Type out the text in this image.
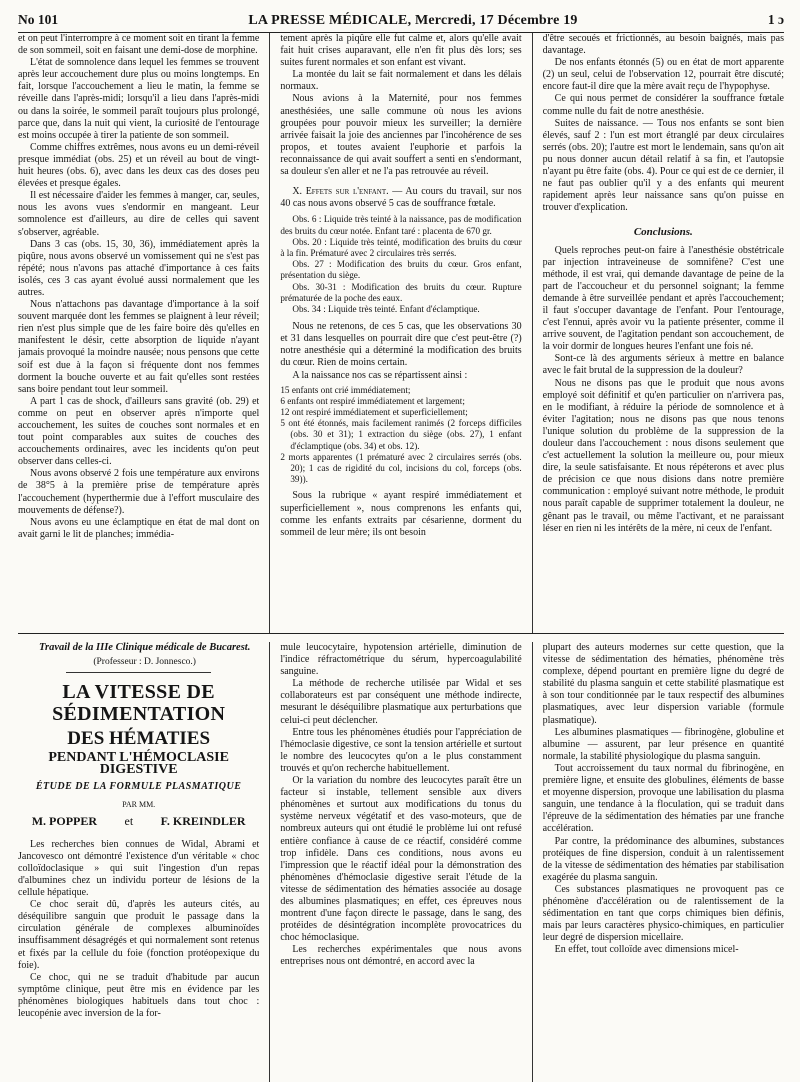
No 101	LA PRESSE MÉDICALE, Mercredi, 17 Décembre 19	1 ɔ

et on peut l'interrompre à ce moment soit en tirant la femme de son sommeil, soit en faisant une demi-dose de morphine.

L'état de somnolence dans lequel les femmes se trouvent après leur accouchement dure plus ou moins longtemps. En fait, lorsque l'accouchement a lieu le matin, la femme se réveille dans l'après-midi; lorsqu'il a lieu dans l'après-midi ou dans la soirée, le sommeil paraît toujours plus prolongé, parce que, dans la nuit qui vient, la curiosité de l'entourage est moins occupée à tirer la patiente de son sommeil.

Comme chiffres extrêmes, nous avons eu un demi-réveil presque immédiat (obs. 25) et un réveil au bout de vingt-huit heures (obs. 6), avec dans les deux cas des doses peu élevées et presque égales.

Il est nécessaire d'aider les femmes à manger, car, seules, nous les avons vues s'endormir en mangeant. Leur somnolence est d'ailleurs, au dire de celles qui savent s'observer, agréable.

Dans 3 cas (obs. 15, 30, 36), immédiatement après la piqûre, nous avons observé un vomissement qui ne s'est pas répété; nous n'avons pas attaché d'importance à ces faits isolés, ces 3 cas ayant évolué aussi normalement que les autres.

Nous n'attachons pas davantage d'importance à la soif souvent marquée dont les femmes se plaignent à leur réveil; rien n'est plus simple que de les faire boire dès qu'elles en manifestent le désir, cette absorption de liquide n'ayant jamais provoqué la moindre nausée; nous pensons que cette soif est due à la façon si fréquente dont nos femmes dorment la bouche ouverte et au fait qu'elles sont restées sans boire pendant tout leur sommeil.

A part 1 cas de shock, d'ailleurs sans gravité (ob. 29) et comme on peut en observer après n'importe quel accouchement, les suites de couches sont normales et en tout point comparables aux suites de couches des accouchements ordinaires, avec les incidents qu'on peut observer dans celles-ci.

Nous avons observé 2 fois une température aux environs de 38°5 à la première prise de température après l'accouchement (hyperthermie due à l'effort musculaire des mouvements de défense?).

Nous avons eu une éclamptique en état de mal dont on avait garni le lit de planches; immédia-

tement après la piqûre elle fut calme et, alors qu'elle avait fait huit crises auparavant, elle n'en fit plus dès lors; ses suites furent normales et son enfant est vivant.

La montée du lait se fait normalement et dans les délais normaux.

Nous avions à la Maternité, pour nos femmes anesthésiées, une salle commune où nous les avions groupées pour pouvoir mieux les surveiller; la dernière arrivée faisait la joie des anciennes par l'incohérence de ses propos, et toutes avaient l'euphorie et parfois la reconnaissance de qui avait souffert a senti en s'endormant, sa douleur s'en aller et ne l'a pas retrouvée au réveil.

X. Effets sur l'enfant. — Au cours du travail, sur nos 40 cas nous avons observé 5 cas de souffrance fœtale.

Obs. 6 : Liquide très teinté à la naissance, pas de modification des bruits du cœur notée. Enfant taré : placenta de 670 gr.

Obs. 20 : Liquide très teinté, modification des bruits du cœur à la fin. Prématuré avec 2 circulaires très serrés.

Obs. 27 : Modification des bruits du cœur. Gros enfant, présentation du siège.

Obs. 30-31 : Modification des bruits du cœur. Rupture prématurée de la poche des eaux.

Obs. 34 : Liquide très teinté. Enfant d'éclamptique.

Nous ne retenons, de ces 5 cas, que les observations 30 et 31 dans lesquelles on pourrait dire que c'est peut-être (?) notre anesthésie qui a déterminé la modification des bruits du cœur. Rien de moins certain.

A la naissance nos cas se répartissent ainsi :

15 enfants ont crié immédiatement;

6 enfants ont respiré immédiatement et largement;

12 ont respiré immédiatement et superficiellement;

5 ont été étonnés, mais facilement ranimés (2 forceps difficiles (obs. 30 et 31); 1 extraction du siège (obs. 27), 1 enfant d'éclamptique (obs. 34) et obs. 12).

2 morts apparentes (1 prématuré avec 2 circulaires serrés (obs. 20); 1 cas de rigidité du col, incisions du col, forceps (obs. 39)).

Sous la rubrique « ayant respiré immédiatement et superficiellement », nous comprenons les enfants qui, comme les enfants extraits par césarienne, dorment du sommeil de leur mère; ils ont besoin

d'être secoués et frictionnés, au besoin baignés, mais pas davantage.

De nos enfants étonnés (5) ou en état de mort apparente (2) un seul, celui de l'observation 12, pourrait être discuté; encore faut-il dire que la mère avait reçu de l'hypophyse.

Ce qui nous permet de considérer la souffrance fœtale comme nulle du fait de notre anesthésie.

Suites de naissance. — Tous nos enfants se sont bien élevés, sauf 2 : l'un est mort étranglé par deux circulaires serrés (obs. 20); l'autre est mort le lendemain, sans qu'on ait pu nous donner aucun détail relatif à sa fin, et l'autopsie n'ayant pu être faite (obs. 4). Pour ce qui est de ce dernier, il ne faut pas oublier qu'il y a des enfants qui meurent rapidement après leur naissance sans qu'on puisse en trouver d'explication.

Conclusions.

Quels reproches peut-on faire à l'anesthésie obstétricale par injection intraveineuse de somnifène? C'est une méthode, il est vrai, qui demande davantage de peine de la part de l'accoucheur et du personnel soignant; la femme demande à être surveillée pendant et après l'accouchement; il faut s'occuper davantage de l'enfant. Pour l'entourage, c'est l'ennui, après avoir vu la patiente présenter, comme il arrive souvent, de l'agitation pendant son accouchement, de la voir dormir de longues heures l'enfant une fois né.

Sont-ce là des arguments sérieux à mettre en balance avec le fait brutal de la suppression de la douleur?

Nous ne disons pas que le produit que nous avons employé soit définitif et qu'en particulier on n'arrivera pas, en le modifiant, à réduire la période de somnolence et à éviter l'agitation; nous ne disons pas que nous tenons l'unique solution du problème de la suppression de la douleur dans l'accouchement : nous disons seulement que c'est actuellement la solution la meilleure ou, pour mieux dire, la seule satisfaisante. Et nous répéterons et avec plus de précision ce que nous disions dans notre première communication : employé suivant notre méthode, le produit nous paraît capable de supprimer totalement la douleur, ne gênant pas le travail, ou même l'activant, et ne paraissant léser en rien ni les intérêts de la mère, ni ceux de l'enfant.

Travail de la IIIe Clinique médicale de Bucarest.

(Professeur : D. Jonnesco.)

LA VITESSE DE SÉDIMENTATION
DES HÉMATIES
PENDANT L'HÉMOCLASIE DIGESTIVE
ÉTUDE DE LA FORMULE PLASMATIQUE
PAR MM.
M. POPPER et F. KREINDLER

Les recherches bien connues de Widal, Abrami et Jancovesco ont démontré l'existence d'un véritable « choc colloïdoclasique » qui suit l'ingestion d'un repas d'albumines chez un individu porteur de lésions de la cellule hépatique.

Ce choc serait dû, d'après les auteurs cités, au déséquilibre sanguin que produit le passage dans la circulation générale de complexes albuminoïdes insuffisamment désagrégés et qui normalement sont retenus et fixés par la cellule du foie (fonction protéopexique du foie).

Ce choc, qui ne se traduit d'habitude par aucun symptôme clinique, peut être mis en évidence par les phénomènes biologiques habituels dans tout choc : leucopénie avec inversion de la for-

mule leucocytaire, hypotension artérielle, diminution de l'indice réfractométrique du sérum, hypercoagulabilité sanguine.

La méthode de recherche utilisée par Widal et ses collaborateurs est par conséquent une méthode indirecte, mesurant le déséquilibre plasmatique aux perturbations que celui-ci peut déclencher.

Entre tous les phénomènes étudiés pour l'appréciation de l'hémoclasie digestive, ce sont la tension artérielle et surtout le nombre des leucocytes qu'on a le plus constamment trouvés et qu'on recherche habituellement.

Or la variation du nombre des leucocytes paraît être un facteur si instable, tellement sensible aux divers phénomènes et surtout aux modifications du tonus du système nerveux végétatif et des vaso-moteurs, que de nombreux auteurs qui ont étudié le problème lui ont refusé entière confiance à cause de ce réactif, considéré comme trop infidèle. Dans ces conditions, nous avons eu l'impression que le réactif idéal pour la démonstration des phénomènes d'hémoclasie digestive serait l'étude de la vitesse de sédimentation des hématies associée au dosage des albumines plasmatiques; en effet, ces épreuves nous montrent d'une façon directe le passage, dans le sang, des protéides de désintégration incomplète provocatrices du choc hémoclasique.

Les recherches expérimentales que nous avons entreprises nous ont démontré, en accord avec la

plupart des auteurs modernes sur cette question, que la vitesse de sédimentation des hématies, phénomène très complexe, dépend pourtant en première ligne du degré de stabilité du plasma sanguin et cette stabilité plasmatique est à son tour conditionnée par le taux respectif des albumines plasmatiques, avec leur dispersion variable (formule plasmatique).

Les albumines plasmatiques — fibrinogène, globuline et albumine — assurent, par leur présence en quantité normale, la stabilité physiologique du plasma sanguin.

Tout accroissement du taux normal du fibrinogène, en première ligne, et ensuite des globulines, éléments de basse et moyenne dispersion, provoque une labilisation du plasma sanguin, une tendance à la floculation, qui se traduit dans l'épreuve de la sédimentation des hématies par une franche accélération.

Par contre, la prédominance des albumines, substances protéiques de fine dispersion, conduit à un ralentissement de la vitesse de sédimentation des hématies par stabilisation exagérée du plasma sanguin.

Ces substances plasmatiques ne provoquent pas ce phénomène d'accélération ou de ralentissement de la sédimentation en tant que corps chimiques bien définis, mais par leurs caractères physico-chimiques, en particulier leur degré de dispersion micellaire.

En effet, tout colloïde avec dimensions micel-
